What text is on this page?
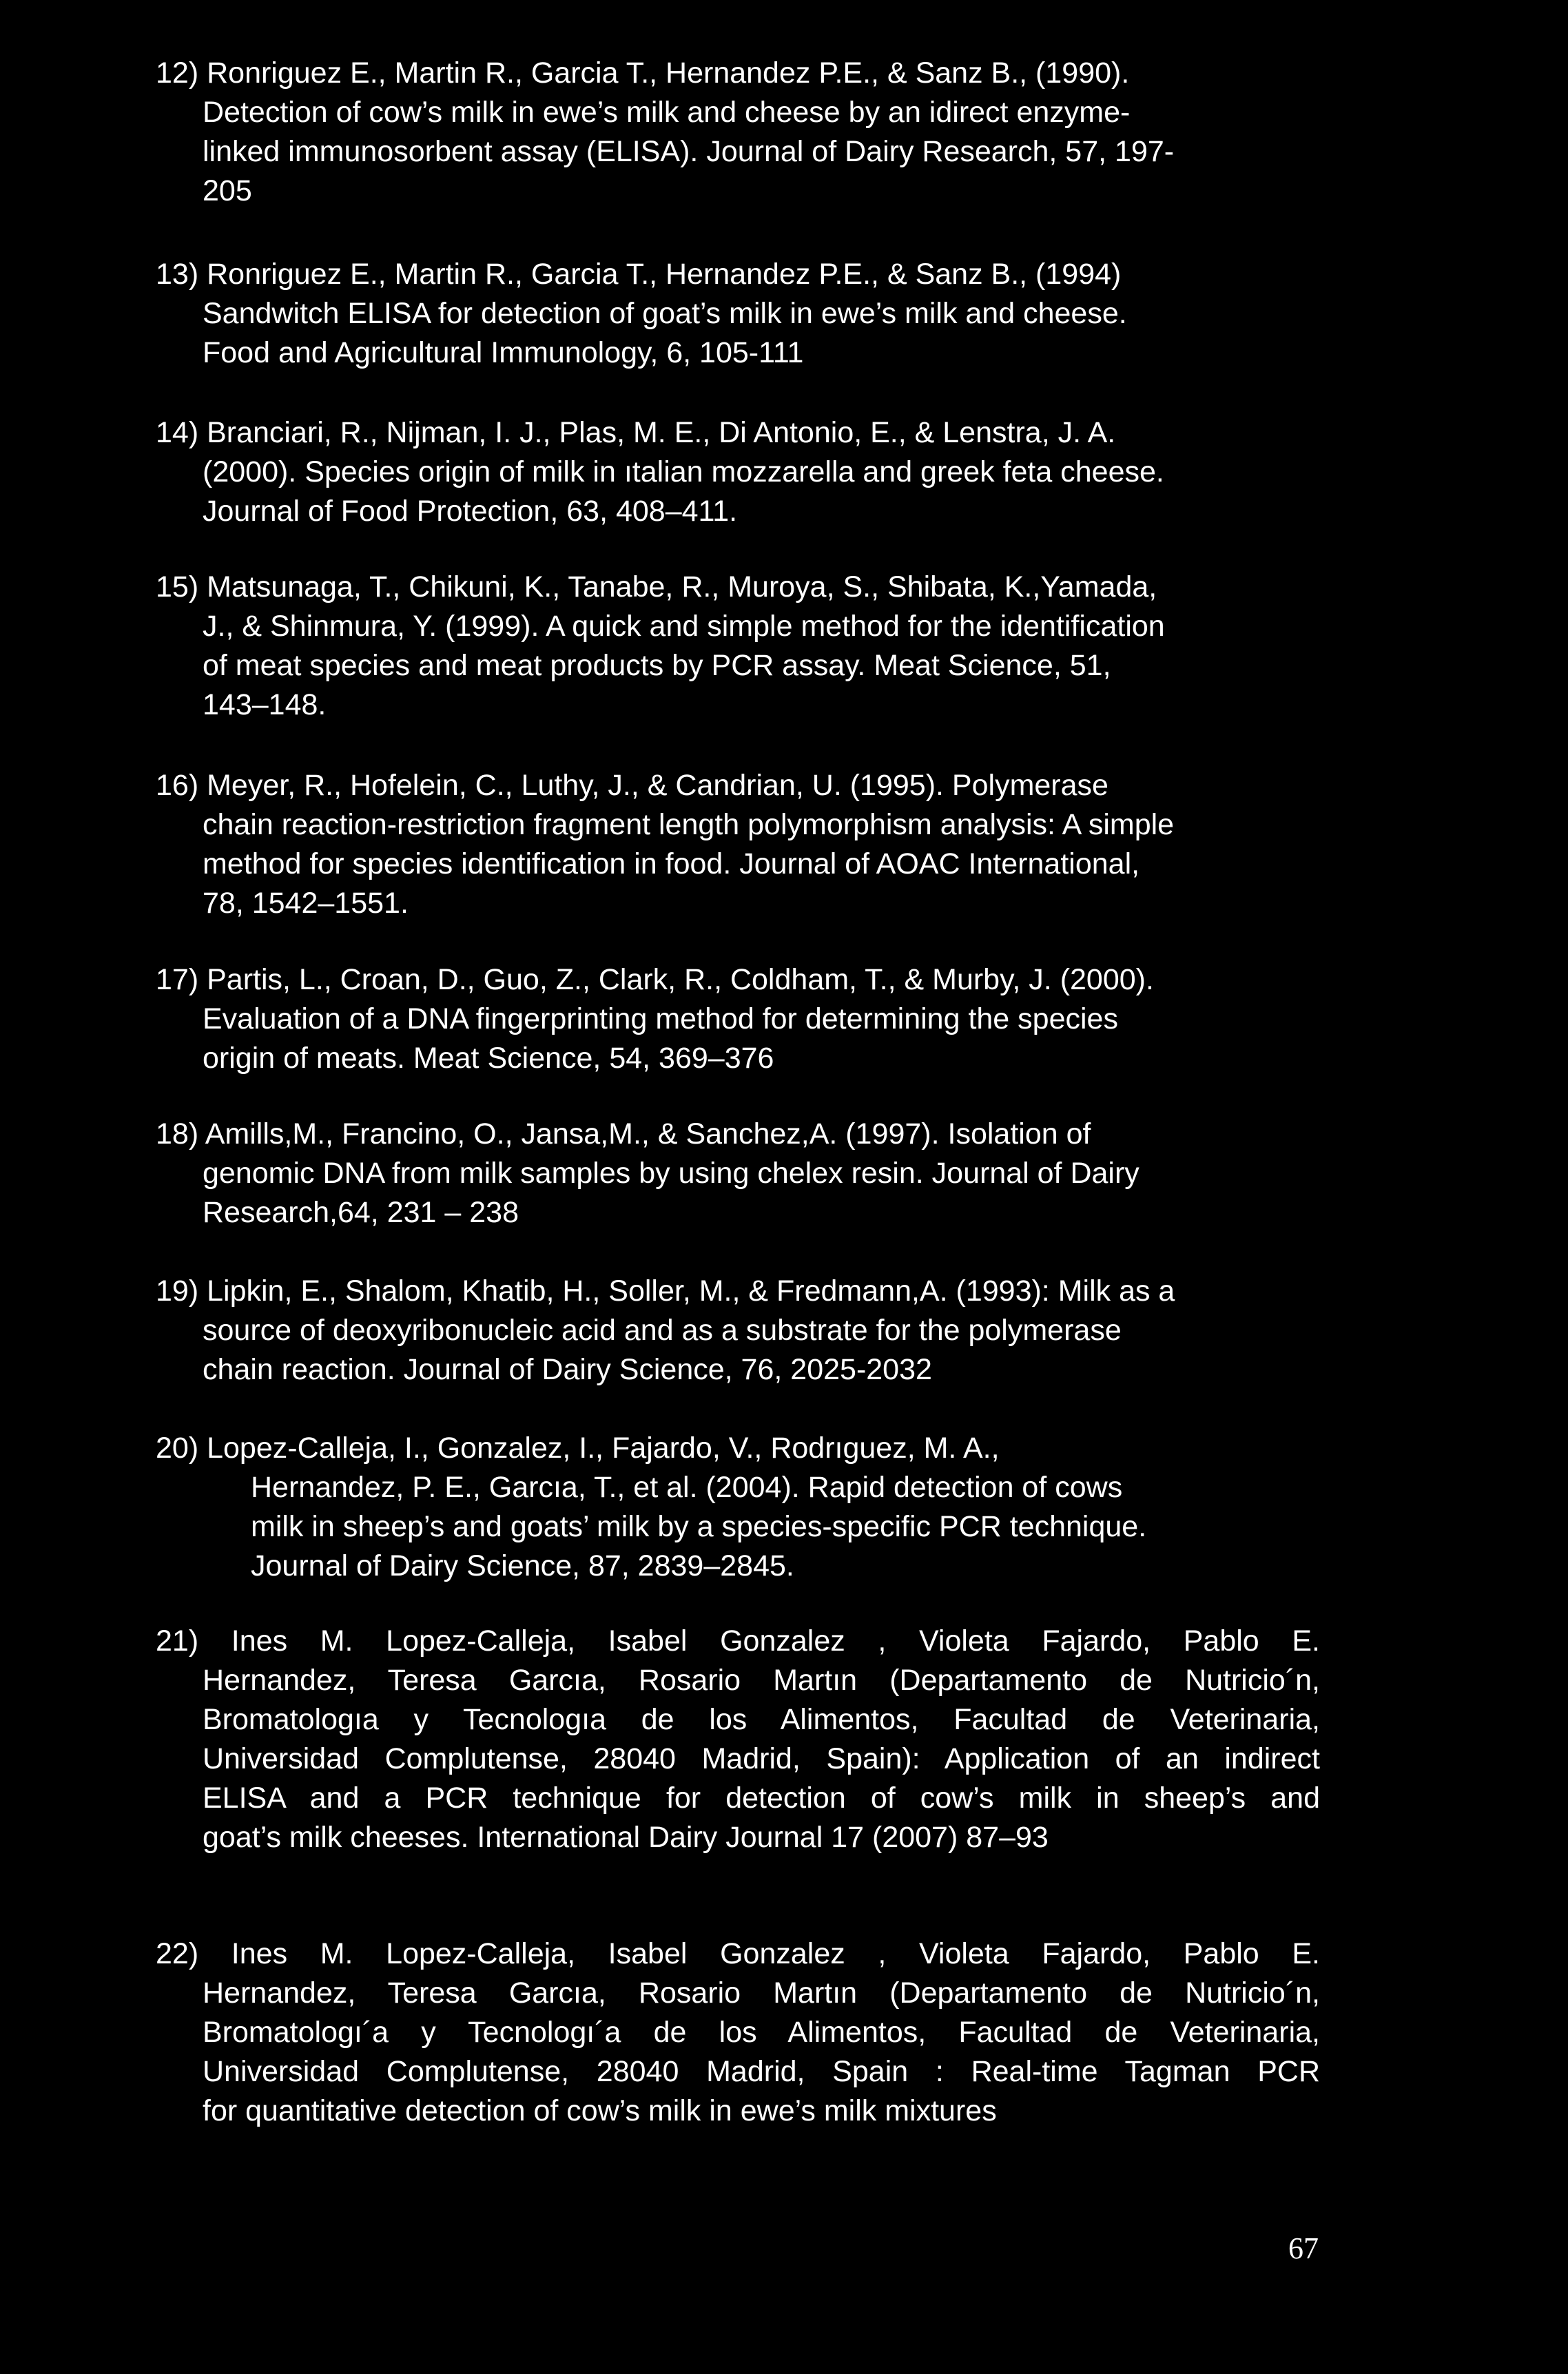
12) Ronriguez E., Martin R., Garcia T., Hernandez P.E., & Sanz B., (1990).
Detection of cow’s milk in ewe’s milk and cheese by an idirect enzyme-
linked immunosorbent assay (ELISA). Journal of Dairy Research, 57, 197-
205
13) Ronriguez E., Martin R., Garcia T., Hernandez P.E., & Sanz B., (1994)
Sandwitch ELISA for detection of goat’s milk in ewe’s milk and cheese.
Food and Agricultural Immunology, 6, 105-111
14) Branciari, R., Nijman, I. J., Plas, M. E., Di Antonio, E., & Lenstra, J. A.
(2000). Species origin of milk in ıtalian mozzarella and greek feta cheese.
Journal of Food Protection, 63, 408–411.
15) Matsunaga, T., Chikuni, K., Tanabe, R., Muroya, S., Shibata, K.,Yamada,
J., & Shinmura, Y. (1999). A quick and simple method for the identification
of meat species and meat products by PCR assay. Meat Science, 51,
143–148.
16) Meyer, R., Hofelein, C., Luthy, J., & Candrian, U. (1995). Polymerase
chain reaction-restriction fragment length polymorphism analysis: A simple
method for species identification in food. Journal of AOAC International,
78, 1542–1551.
17) Partis, L., Croan, D., Guo, Z., Clark, R., Coldham, T., & Murby, J. (2000).
Evaluation of a DNA fingerprinting method for determining the species
origin of meats. Meat Science, 54, 369–376
18) Amills,M., Francino, O., Jansa,M., & Sanchez,A. (1997). Isolation of
genomic DNA from milk samples by using chelex resin. Journal of Dairy
Research,64, 231 – 238
19) Lipkin, E., Shalom, Khatib, H., Soller, M., & Fredmann,A. (1993): Milk as a
source of deoxyribonucleic acid and as a substrate for the polymerase
chain reaction. Journal of Dairy Science, 76, 2025-2032
20) Lopez-Calleja, I., Gonzalez, I., Fajardo, V., Rodrıguez, M. A.,
Hernandez, P. E., Garcıa, T., et al. (2004). Rapid detection of cows
milk in sheep’s and goats’ milk by a species-specific PCR technique.
Journal of Dairy Science, 87, 2839–2845.
21) Ines M. Lopez-Calleja, Isabel Gonzalez , Violeta Fajardo, Pablo E.
Hernandez, Teresa Garcıa, Rosario Martın (Departamento de Nutricio´n,
Bromatologıa y Tecnologıa de los Alimentos, Facultad de Veterinaria,
Universidad Complutense, 28040 Madrid, Spain): Application of an indirect
ELISA and a PCR technique for detection of cow’s milk in sheep’s and
goat’s milk cheeses. International Dairy Journal 17 (2007) 87–93
22) Ines M. Lopez-Calleja, Isabel Gonzalez , Violeta Fajardo, Pablo E.
Hernandez, Teresa Garcıa, Rosario Martın (Departamento de Nutricio´n,
Bromatologı´a y Tecnologı´a de los Alimentos, Facultad de Veterinaria,
Universidad Complutense, 28040 Madrid, Spain : Real-time Tagman PCR
for quantitative detection of cow’s milk in ewe’s milk mixtures
67
